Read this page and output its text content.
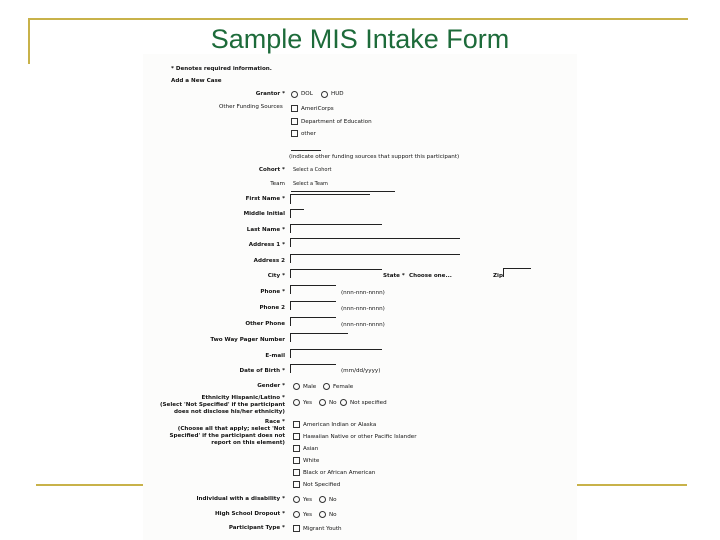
Sample MIS Intake Form
* Denotes required information.
Add a New Case
Grantor *	DOL	HUD
Other Funding Sources	AmeriCorps
Department of Education
other
(indicate other funding sources that support this participant)
Cohort * Select a Cohort
Team Select a Team
First Name *
Middle Initial
Last Name *
Address 1 *
Address 2
City *	State * Choose one...	Zip
Phone *	(nnn-nnn-nnnn)
Phone 2	(nnn-nnn-nnnn)
Other Phone	(nnn-nnn-nnnn)
Two Way Pager Number
E-mail
Date of Birth *	(mm/dd/yyyy)
Gender *	Male	Female
Ethnicity Hispanic/Latino *
(Select 'Not Specified' if the participant
does not disclose his/her ethnicity)
Yes	No Not specified
Race *
(Choose all that apply; select 'Not
Specified' if the participant does not
report on this element)
American Indian or Alaska
Hawaiian Native or other Pacific Islander
Asian
White
Black or African American
Not Specified
Individual with a disability *	Yes	No
High School Dropout *	Yes	No
Participant Type *	Migrant Youth
